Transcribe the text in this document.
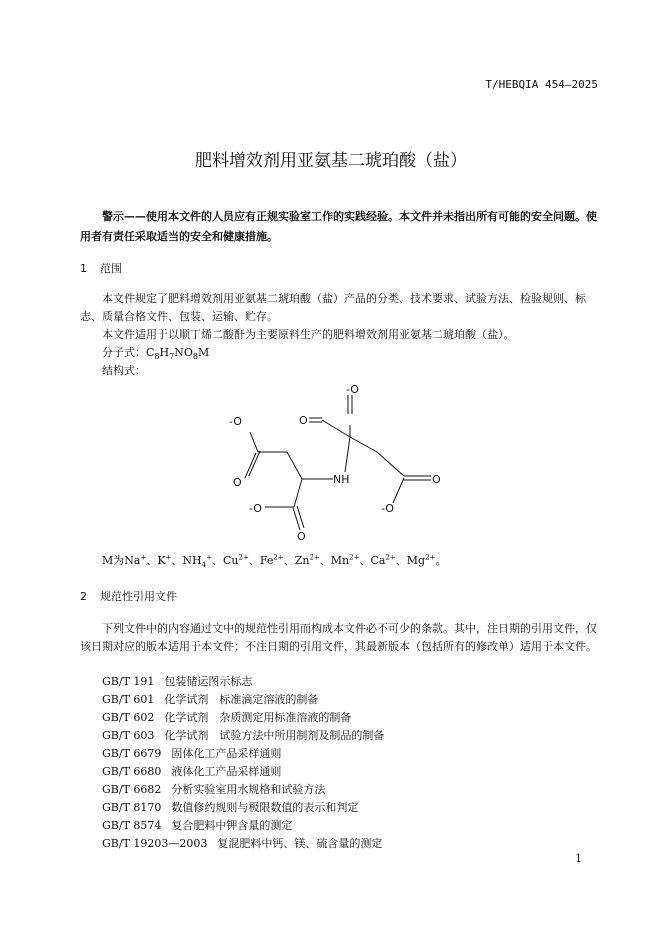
T/HEBQIA 454—2025
肥料增效剂用亚氨基二琥珀酸（盐）
警示——使用本文件的人员应有正规实验室工作的实践经验。本文件并未指出所有可能的安全问题。使用者有责任采取适当的安全和健康措施。
1 范围
本文件规定了肥料增效剂用亚氨基二琥珀酸（盐）产品的分类、技术要求、试验方法、检验规则、标志、质量合格文件、包装、运输、贮存。
本文件适用于以顺丁烯二酸酐为主要原料生产的肥料增效剂用亚氨基二琥珀酸（盐）。
分子式：$C_8H_7NO_8M$
结构式：
-O
O
NH	O
-O
-O
O
-O
O
M为Na+、K+、$NH_4^+$、$Cu^{2+}$、$Fe^{2+}$、$Zn^{2+}$、$Mn^{2+}$、$Ca^{2+}$、$Mg^{2+}$。
2 规范性引用文件
下列文件中的内容通过文中的规范性引用而构成本文件必不可少的条款。其中，注日期的引用文件，仅该日期对应的版本适用于本文件；不注日期的引用文件，其最新版本（包括所有的修改单）适用于本文件。
GB/T 191 包装储运图示标志
GB/T 601 化学试剂　标准滴定溶液的制备
GB/T 602 化学试剂　杂质测定用标准溶液的制备
GB/T 603 化学试剂　试验方法中所用制剂及制品的制备
GB/T 6679 固体化工产品采样通则
GB/T 6680 液体化工产品采样通则
GB/T 6682 分析实验室用水规格和试验方法
GB/T 8170 数值修约规则与极限数值的表示和判定
GB/T 8574 复合肥料中钾含量的测定
GB/T 19203—2003 复混肥料中钙、镁、硫含量的测定
1
